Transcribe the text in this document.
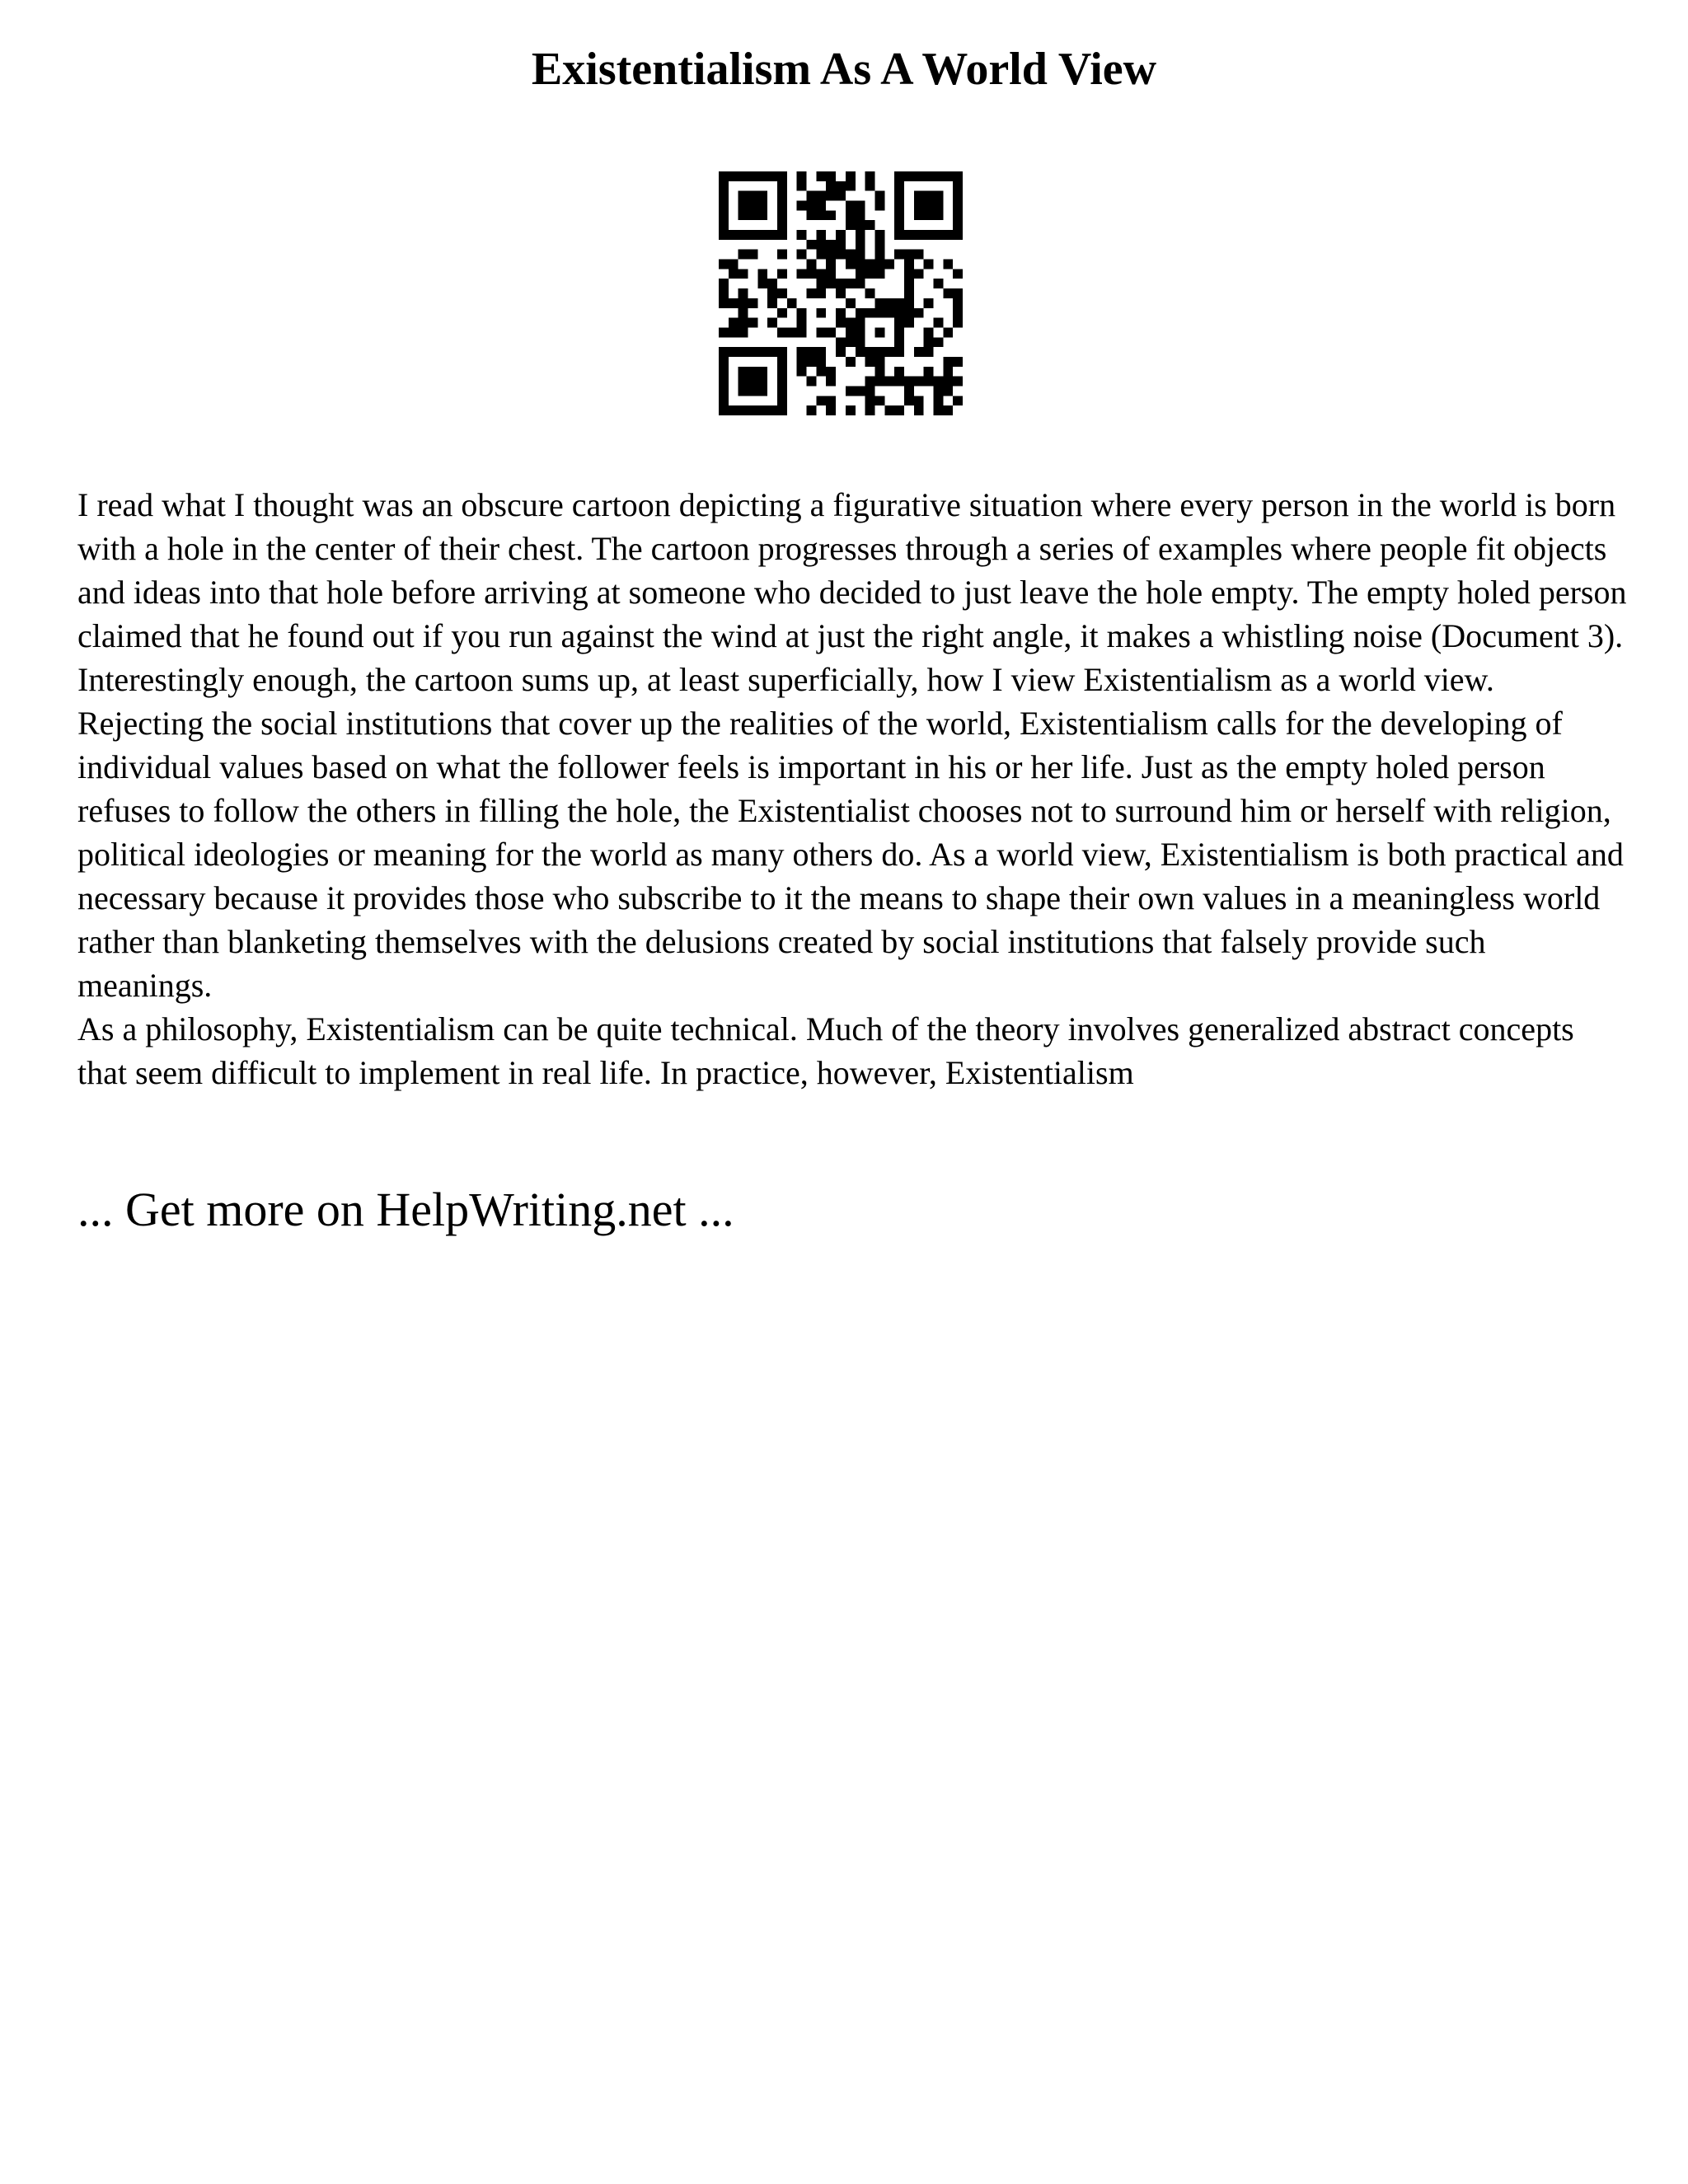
Existentialism As A World View

I read what I thought was an obscure cartoon depicting a figurative situation where every person in the world is born with a hole in the center of their chest. The cartoon progresses through a series of examples where people fit objects and ideas into that hole before arriving at someone who decided to just leave the hole empty. The empty holed person claimed that he found out if you run against the wind at just the right angle, it makes a whistling noise (Document 3). Interestingly enough, the cartoon sums up, at least superficially, how I view Existentialism as a world view. Rejecting the social institutions that cover up the realities of the world, Existentialism calls for the developing of individual values based on what the follower feels is important in his or her life. Just as the empty holed person refuses to follow the others in filling the hole, the Existentialist chooses not to surround him or herself with religion, political ideologies or meaning for the world as many others do. As a world view, Existentialism is both practical and necessary because it provides those who subscribe to it the means to shape their own values in a meaningless world rather than blanketing themselves with the delusions created by social institutions that falsely provide such meanings.

As a philosophy, Existentialism can be quite technical. Much of the theory involves generalized abstract concepts that seem difficult to implement in real life. In practice, however, Existentialism

... Get more on HelpWriting.net ...
